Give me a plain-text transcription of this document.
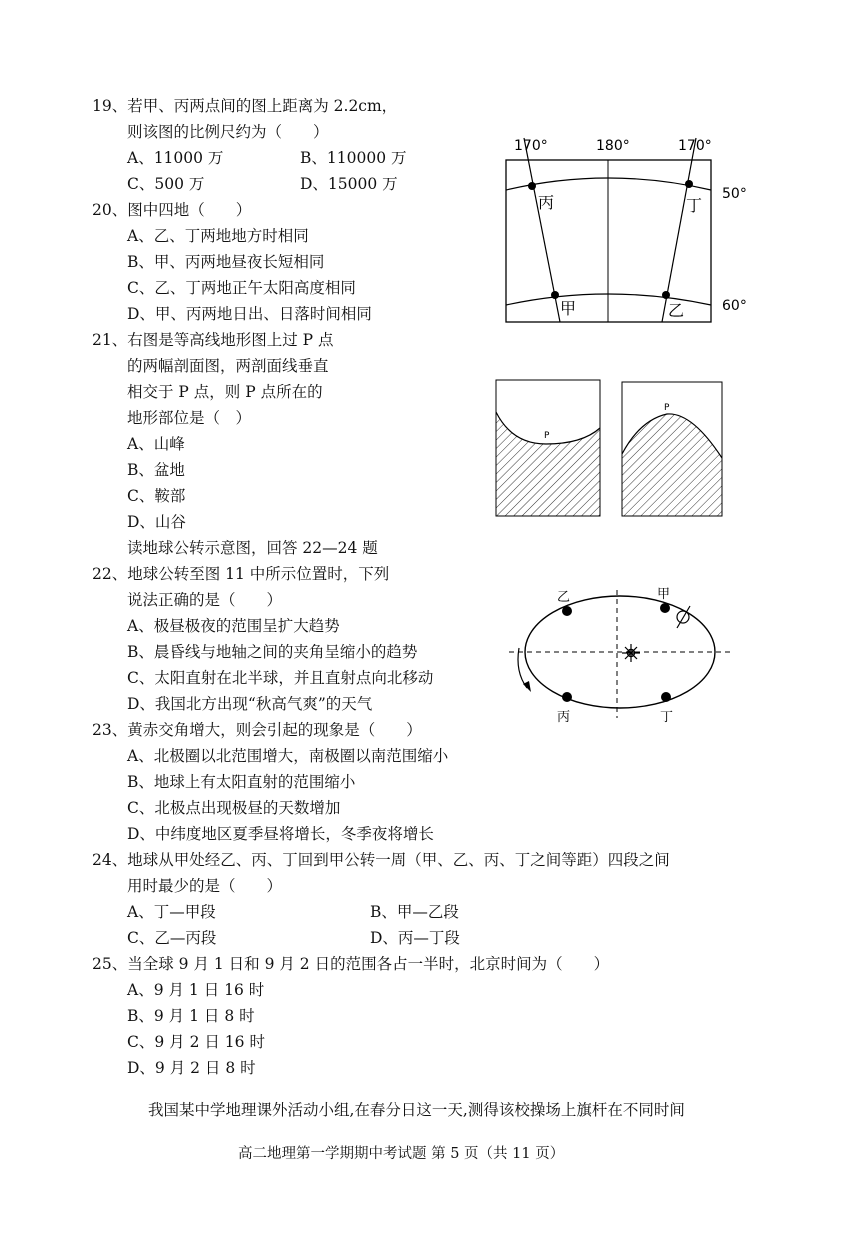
19、若甲、丙两点间的图上距离为 2.2cm，
则该图的比例尺约为（　　）
A、11000 万	B、110000 万
C、500 万	D、15000 万
20、图中四地（　　）
A、乙、丁两地地方时相同
B、甲、丙两地昼夜长短相同
C、乙、丁两地正午太阳高度相同
D、甲、丙两地日出、日落时间相同
21、右图是等高线地形图上过 P 点
的两幅剖面图，两剖面线垂直
相交于 P 点，则 P 点所在的
地形部位是（　）
A、山峰
B、盆地
C、鞍部
D、山谷
读地球公转示意图，回答 22—24 题
22、地球公转至图 11 中所示位置时，下列
说法正确的是（　　）
A、极昼极夜的范围呈扩大趋势
B、晨昏线与地轴之间的夹角呈缩小的趋势
C、太阳直射在北半球，并且直射点向北移动
D、我国北方出现“秋高气爽”的天气
23、黄赤交角增大，则会引起的现象是（　　）
A、北极圈以北范围增大，南极圈以南范围缩小
B、地球上有太阳直射的范围缩小
C、北极点出现极昼的天数增加
D、中纬度地区夏季昼将增长，冬季夜将增长
24、地球从甲处经乙、丙、丁回到甲公转一周（甲、乙、丙、丁之间等距）四段之间
用时最少的是（　　）
A、丁—甲段	B、甲—乙段
C、乙—丙段	D、丙—丁段
25、当全球 9 月 1 日和 9 月 2 日的范围各占一半时，北京时间为（　　）
A、9 月 1 日 16 时
B、9 月 1 日 8 时
C、9 月 2 日 16 时
D、9 月 2 日 8 时
我国某中学地理课外活动小组,在春分日这一天,测得该校操场上旗杆在不同时间
高二地理第一学期期中考试题 第 5 页（共 11 页）
170°	180°	170°
50°
60°
丙	丁
甲	乙
P
P
乙	甲
丙	丁
